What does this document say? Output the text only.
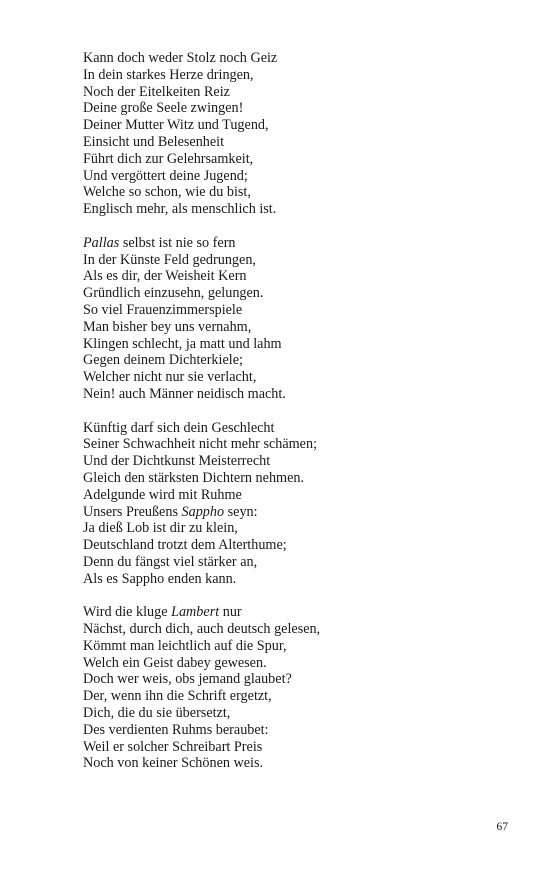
Kann doch weder Stolz noch Geiz
In dein starkes Herze dringen,
Noch der Eitelkeiten Reiz
Deine große Seele zwingen!
Deiner Mutter Witz und Tugend,
Einsicht und Belesenheit
Führt dich zur Gelehrsamkeit,
Und vergöttert deine Jugend;
Welche so schon, wie du bist,
Englisch mehr, als menschlich ist.
Pallas selbst ist nie so fern
In der Künste Feld gedrungen,
Als es dir, der Weisheit Kern
Gründlich einzusehn, gelungen.
So viel Frauenzimmerspiele
Man bisher bey uns vernahm,
Klingen schlecht, ja matt und lahm
Gegen deinem Dichterkiele;
Welcher nicht nur sie verlacht,
Nein! auch Männer neidisch macht.
Künftig darf sich dein Geschlecht
Seiner Schwachheit nicht mehr schämen;
Und der Dichtkunst Meisterrecht
Gleich den stärksten Dichtern nehmen.
Adelgunde wird mit Ruhme
Unsers Preußens Sappho seyn:
Ja dieß Lob ist dir zu klein,
Deutschland trotzt dem Alterthume;
Denn du fängst viel stärker an,
Als es Sappho enden kann.
Wird die kluge Lambert nur
Nächst, durch dich, auch deutsch gelesen,
Kömmt man leichtlich auf die Spur,
Welch ein Geist dabey gewesen.
Doch wer weis, obs jemand glaubet?
Der, wenn ihn die Schrift ergetzt,
Dich, die du sie übersetzt,
Des verdienten Ruhms beraubet:
Weil er solcher Schreibart Preis
Noch von keiner Schönen weis.
67
